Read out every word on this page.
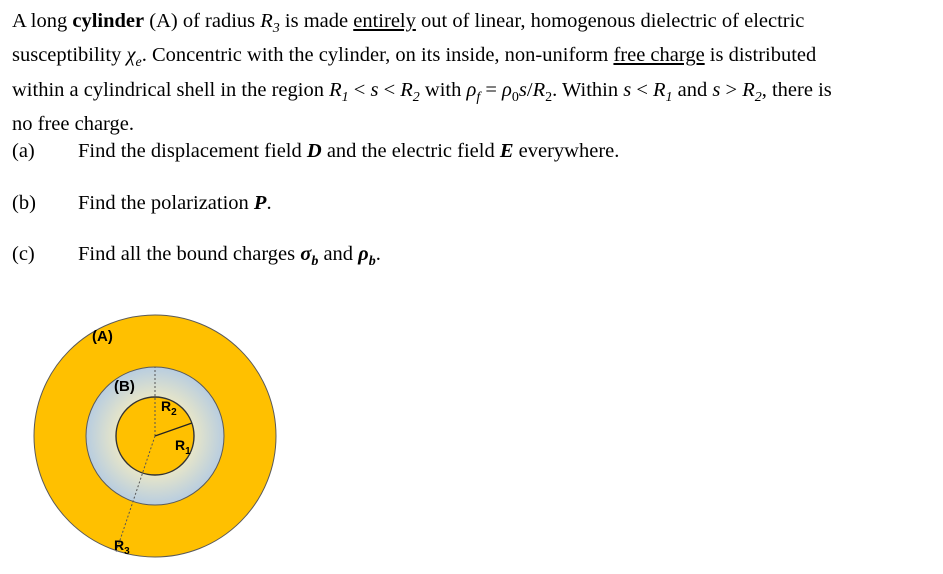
A long cylinder (A) of radius $R_3$ is made entirely out of linear, homogenous dielectric of electric
susceptibility $\chi_e$. Concentric with the cylinder, on its inside, non-uniform free charge is distributed
within a cylindrical shell in the region $R_1 < s < R_2$ with $\rho_f = \rho_0s/R_2$. Within $s < R_1$ and $s > R_2$, there is
no free charge.
(a) Find the displacement field D and the electric field E everywhere.
(b) Find the polarization P.
(c) Find all the bound charges $\sigma_b$ and $\rho_b$.
(A)
(B)
$R_2$
$R_1$
$R_3$
